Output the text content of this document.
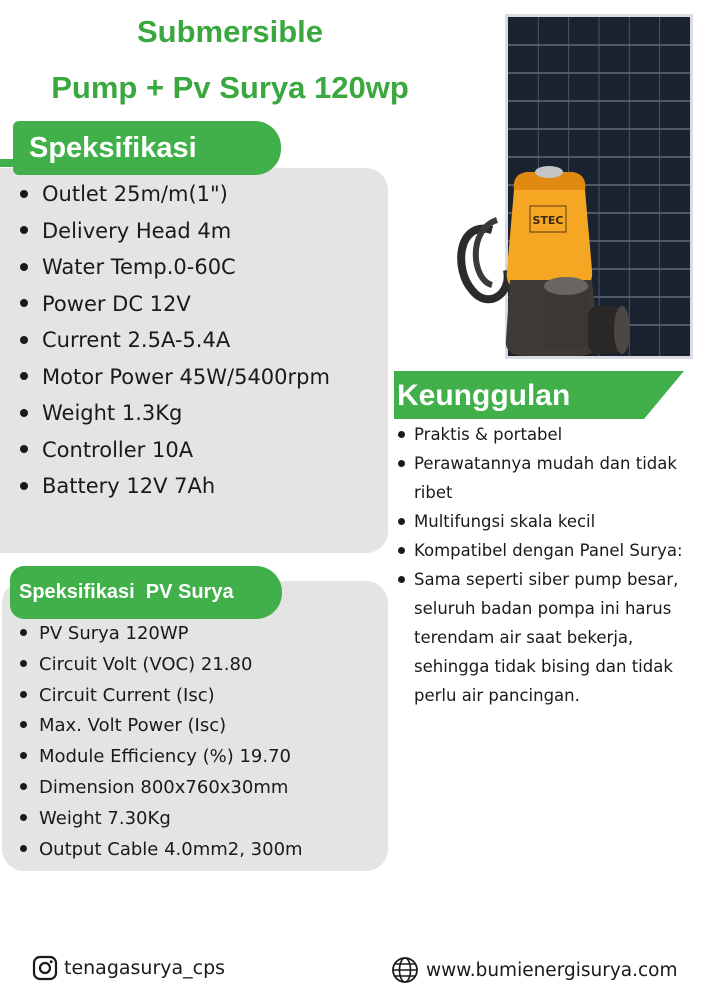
Submersible
Pump + Pv Surya 120wp
STEC
Speksifikasi
Outlet 25m/m(1")
Delivery Head 4m
Water Temp.0-60C
Power DC 12V
Current 2.5A-5.4A
Motor Power 45W/5400rpm
Weight 1.3Kg
Controller 10A
Battery 12V 7Ah
Keunggulan
Praktis & portabel
Perawatannya mudah dan tidak ribet
Multifungsi skala kecil
Kompatibel dengan Panel Surya:
Sama seperti siber pump besar, seluruh badan pompa ini harus terendam air saat bekerja, sehingga tidak bising dan tidak perlu air pancingan.
Speksifikasi  PV Surya
PV Surya 120WP
Circuit Volt (VOC) 21.80
Circuit Current (Isc)
Max. Volt Power (Isc)
Module Efficiency (%) 19.70
Dimension 800x760x30mm
Weight 7.30Kg
Output Cable 4.0mm2, 300m
tenagasurya_cps	www.bumienergisurya.com
